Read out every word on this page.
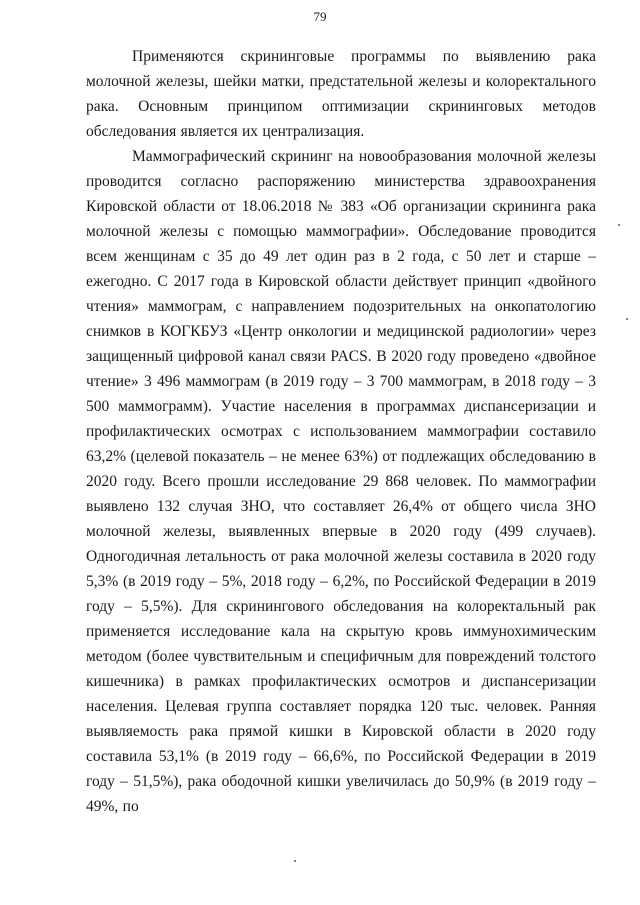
79

Применяются скрининговые программы по выявлению рака молочной железы, шейки матки, предстательной железы и колоректального рака. Основным принципом оптимизации скрининговых методов обследования является их централизация.

Маммографический скрининг на новообразования молочной железы проводится согласно распоряжению министерства здравоохранения Кировской области от 18.06.2018 № 383 «Об организации скрининга рака молочной железы с помощью маммографии». Обследование проводится всем женщинам с 35 до 49 лет один раз в 2 года, с 50 лет и старше – ежегодно. С 2017 года в Кировской области действует принцип «двойного чтения» маммограм, с направлением подозрительных на онкопатологию снимков в КОГКБУЗ «Центр онкологии и медицинской радиологии» через защищенный цифровой канал связи PACS. В 2020 году проведено «двойное чтение» 3 496 маммограм (в 2019 году – 3 700 маммограм, в 2018 году – 3 500 маммограмм). Участие населения в программах диспансеризации и профилактических осмотрах с использованием маммографии составило 63,2% (целевой показатель – не менее 63%) от подлежащих обследованию в 2020 году. Всего прошли исследование 29 868 человек. По маммографии выявлено 132 случая ЗНО, что составляет 26,4% от общего числа ЗНО молочной железы, выявленных впервые в 2020 году (499 случаев). Одногодичная летальность от рака молочной железы составила в 2020 году 5,3% (в 2019 году – 5%, 2018 году – 6,2%, по Российской Федерации в 2019 году – 5,5%). Для скринингового обследования на колоректальный рак применяется исследование кала на скрытую кровь иммунохимическим методом (более чувствительным и специфичным для повреждений толстого кишечника) в рамках профилактических осмотров и диспансеризации населения. Целевая группа составляет порядка 120 тыс. человек. Ранняя выявляемость рака прямой кишки в Кировской области в 2020 году составила 53,1% (в 2019 году – 66,6%, по Российской Федерации в 2019 году – 51,5%), рака ободочной кишки увеличилась до 50,9% (в 2019 году – 49%, по
